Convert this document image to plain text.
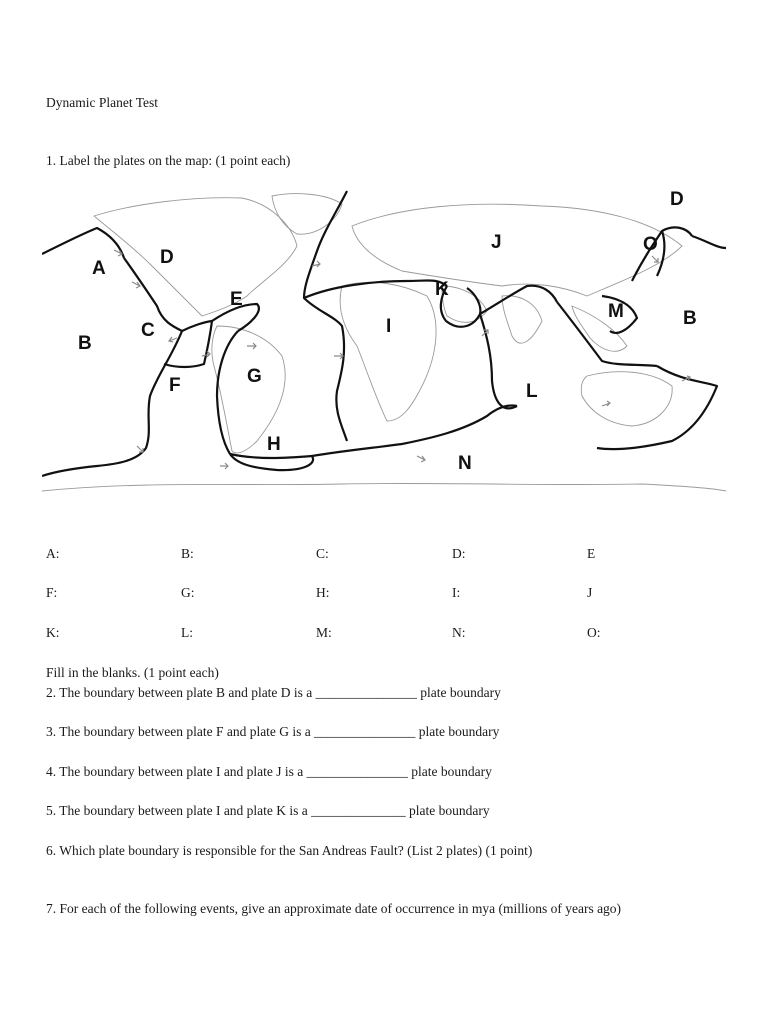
Dynamic Planet Test
1. Label the plates on the map: (1 point each)
A
B
C
D
E
F	G
H
I
J
K
L
M
N
O
D
B
A:	B:	C:	D:	E
F:	G:	H:	I:	J
K:	L:	M:	N:	O:
Fill in the blanks. (1 point each)
2. The boundary between plate B and plate D is a _______________ plate boundary
3. The boundary between plate F and plate G is a _______________ plate boundary
4. The boundary between plate I and plate J is a _______________ plate boundary
5. The boundary between plate I and plate K is a ______________ plate boundary
6. Which plate boundary is responsible for the San Andreas Fault? (List 2 plates) (1 point)
7. For each of the following events, give an approximate date of occurrence in mya (millions of years ago)
